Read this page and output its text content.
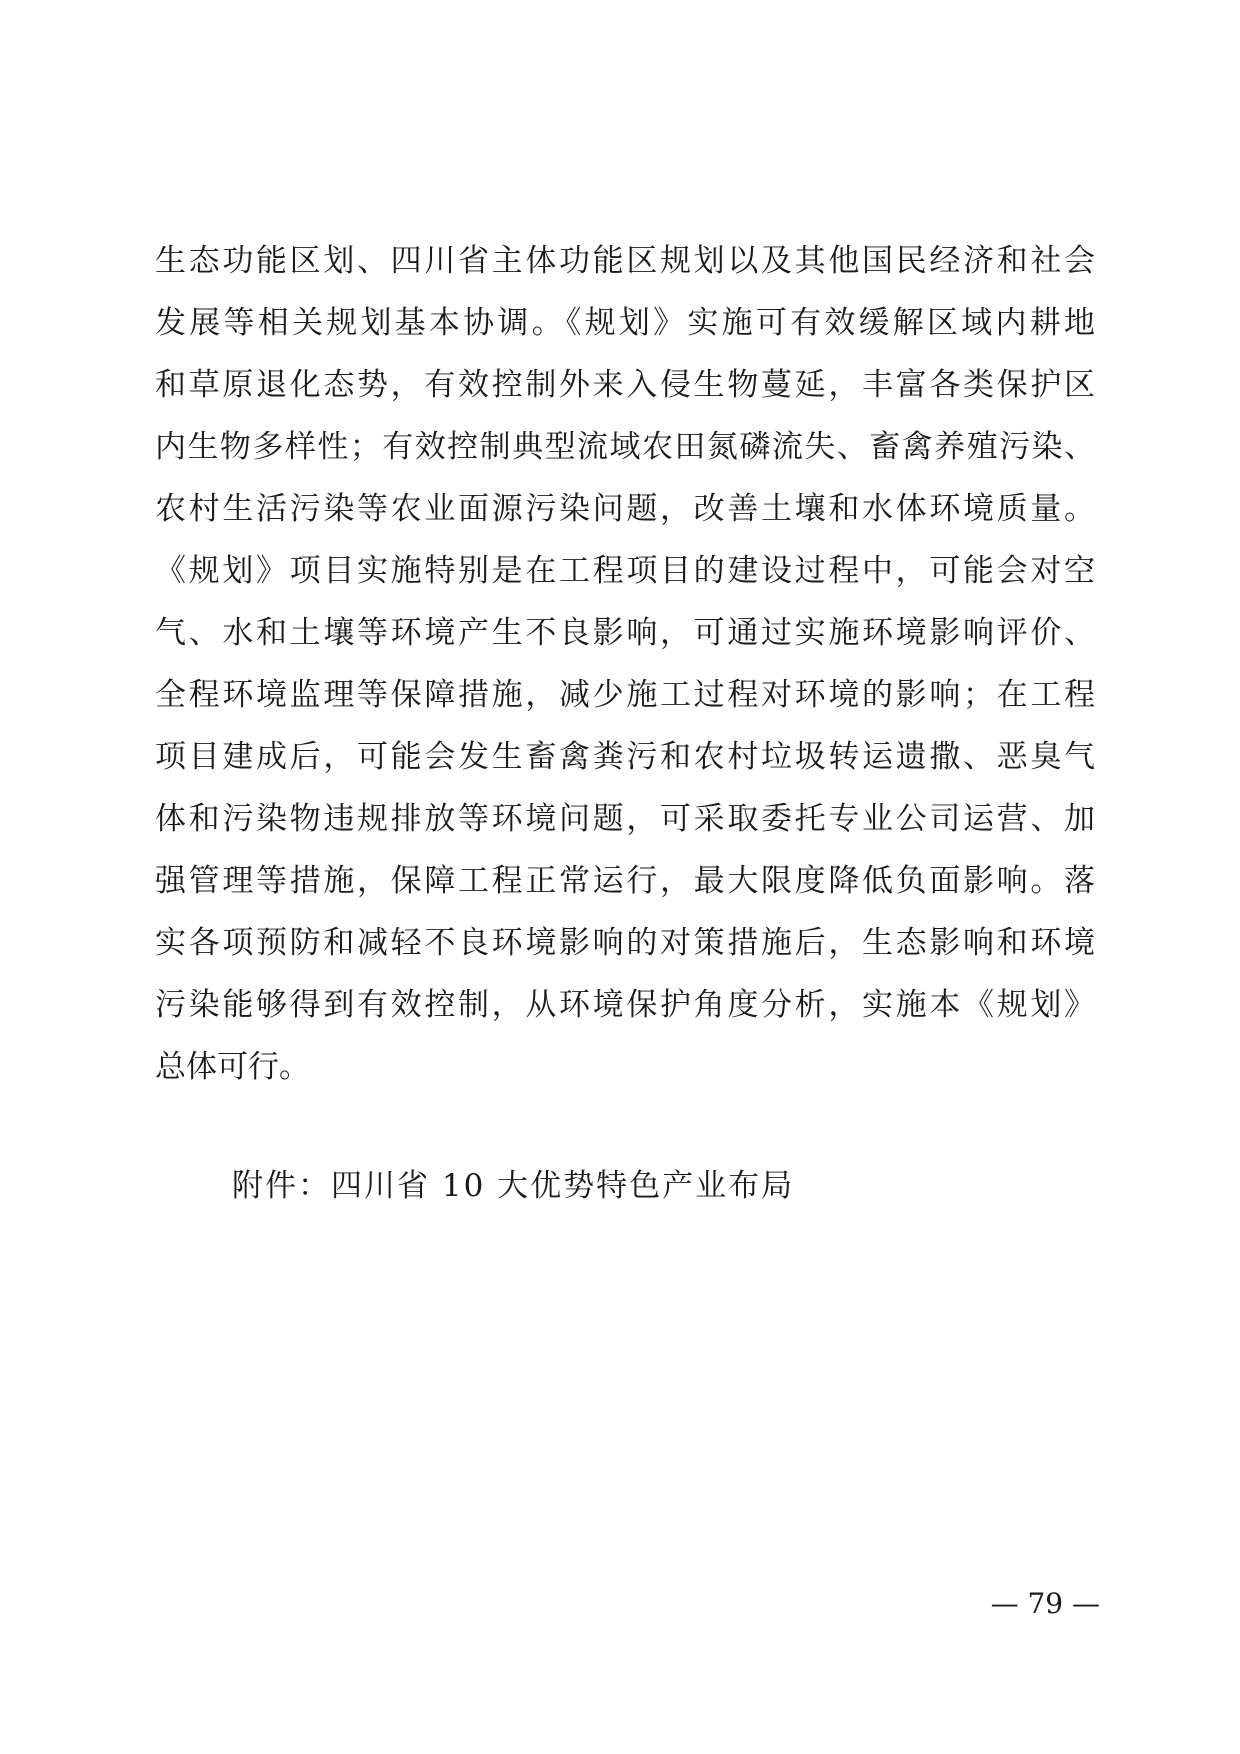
生态功能区划、四川省主体功能区规划以及其他国民经济和社会
发展等相关规划基本协调。《规划》实施可有效缓解区域内耕地
和草原退化态势，有效控制外来入侵生物蔓延，丰富各类保护区
内生物多样性；有效控制典型流域农田氮磷流失、畜禽养殖污染、
农村生活污染等农业面源污染问题，改善土壤和水体环境质量。
《规划》项目实施特别是在工程项目的建设过程中，可能会对空
气、水和土壤等环境产生不良影响，可通过实施环境影响评价、
全程环境监理等保障措施，减少施工过程对环境的影响；在工程
项目建成后，可能会发生畜禽粪污和农村垃圾转运遗撒、恶臭气
体和污染物违规排放等环境问题，可采取委托专业公司运营、加
强管理等措施，保障工程正常运行，最大限度降低负面影响。落
实各项预防和减轻不良环境影响的对策措施后，生态影响和环境
污染能够得到有效控制，从环境保护角度分析，实施本《规划》
总体可行。
附件：四川省 10 大优势特色产业布局
— 79 —
